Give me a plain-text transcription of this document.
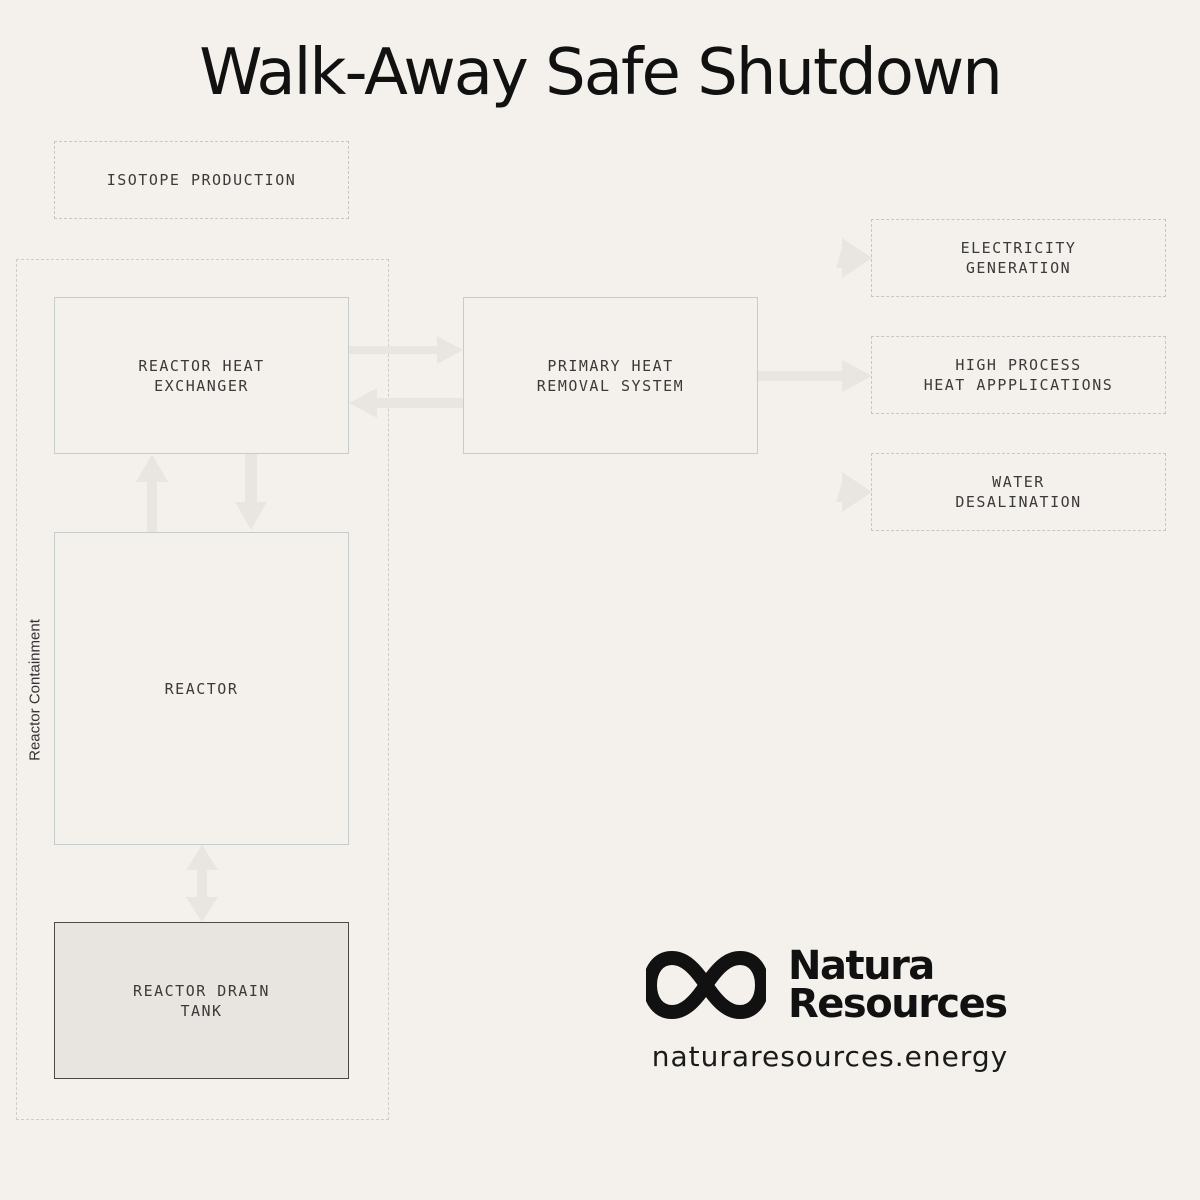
Walk-Away Safe Shutdown
ISOTOPE PRODUCTION
Reactor Containment
REACTOR HEAT
EXCHANGER
PRIMARY HEAT
REMOVAL SYSTEM
REACTOR
REACTOR DRAIN
TANK
ELECTRICITY
GENERATION
HIGH PROCESS
HEAT APPPLICATIONS
WATER
DESALINATION
Natura
Resources
naturaresources.energy
